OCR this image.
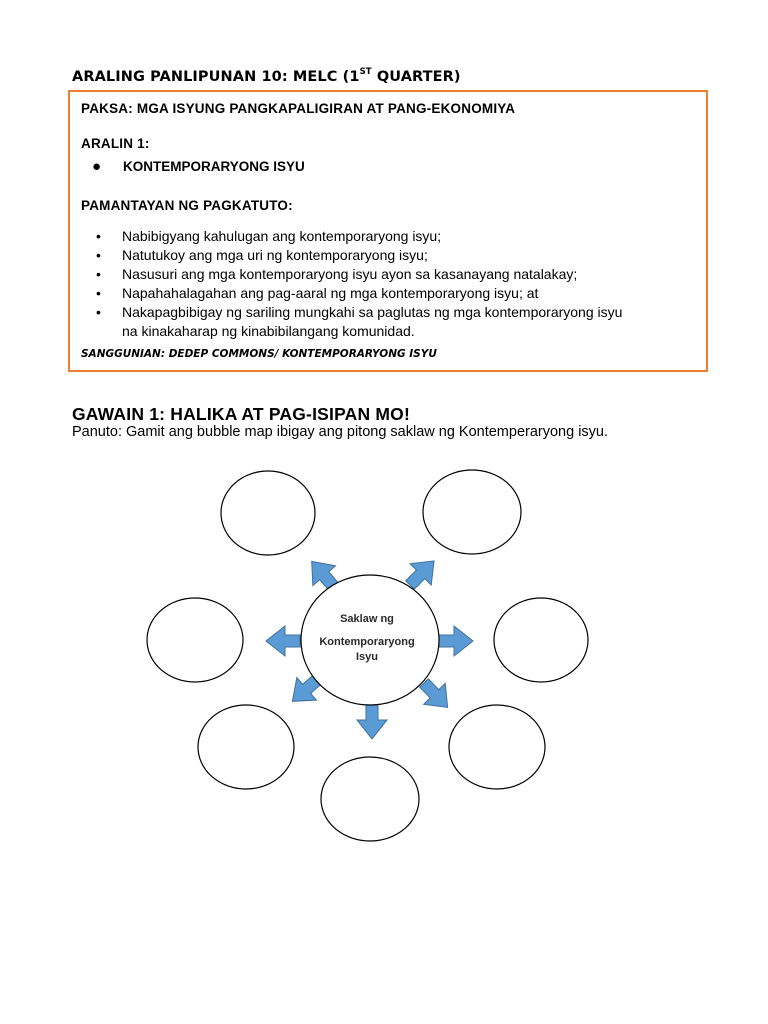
ARALING PANLIPUNAN 10: MELC (1ST QUARTER)
PAKSA: MGA ISYUNG PANGKAPALIGIRAN AT PANG-EKONOMIYA
ARALIN 1:
● KONTEMPORARYONG ISYU
PAMANTAYAN NG PAGKATUTO:
• Nabibigyang kahulugan ang kontemporaryong isyu;
• Natutukoy ang mga uri ng kontemporaryong isyu;
• Nasusuri ang mga kontemporaryong isyu ayon sa kasanayang natalakay;
• Napahahalagahan ang pag-aaral ng mga kontemporaryong isyu; at
• Nakapagbibigay ng sariling mungkahi sa paglutas ng mga kontemporaryong isyu
na kinakaharap ng kinabibilangang komunidad.
SANGGUNIAN: DEDEP COMMONS/ KONTEMPORARYONG ISYU
GAWAIN 1: HALIKA AT PAG-ISIPAN MO!
Panuto: Gamit ang bubble map ibigay ang pitong saklaw ng Kontemperaryong isyu.
Saklaw ng
Kontemporaryong
Isyu
